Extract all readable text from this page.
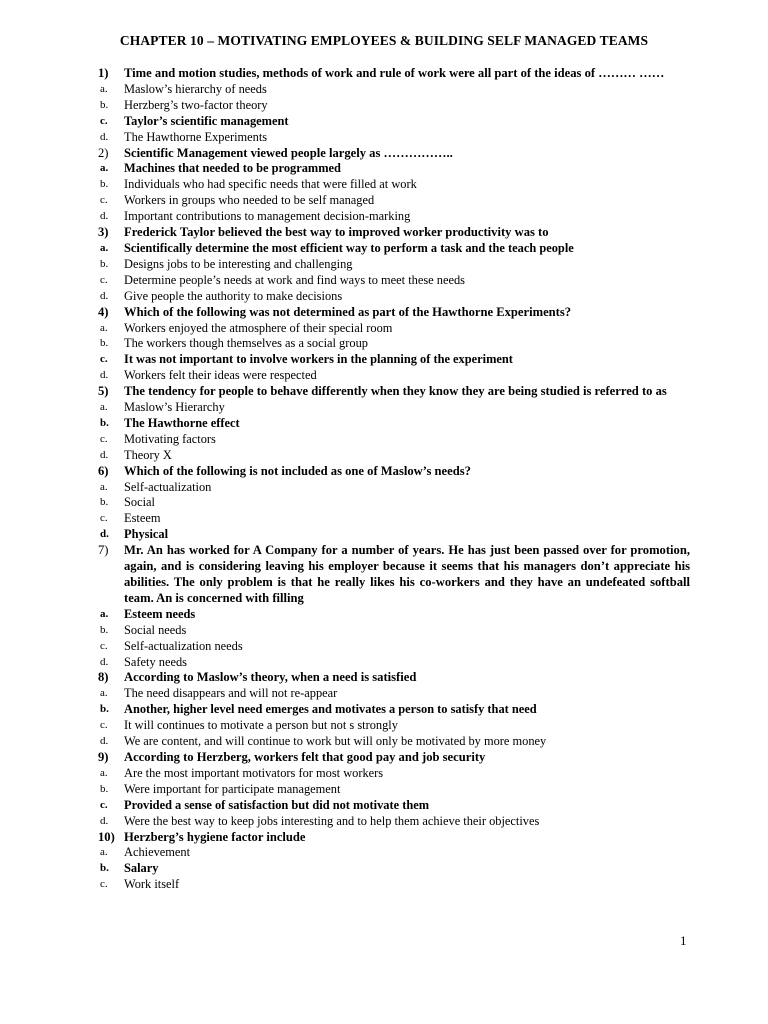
CHAPTER 10 – MOTIVATING EMPLOYEES & BUILDING SELF MANAGED TEAMS
1) Time and motion studies, methods of work and rule of work were all part of the ideas of ……… ……
a. Maslow’s hierarchy of needs
b. Herzberg’s two-factor theory
c. Taylor’s scientific management
d. The Hawthorne Experiments
2) Scientific Management viewed people largely as ……………..
a. Machines that needed to be programmed
b. Individuals who had specific needs that were filled at work
c. Workers in groups who needed to be self managed
d. Important contributions to management decision-marking
3) Frederick Taylor believed the best way to improved worker productivity was to
a. Scientifically determine the most efficient way to perform a task and the teach people
b. Designs jobs to be interesting and challenging
c. Determine people’s needs at work and find ways to meet these needs
d. Give people the authority to make decisions
4) Which of the following was not determined as part of the Hawthorne Experiments?
a. Workers enjoyed the atmosphere of their special room
b. The workers though themselves as a social group
c. It was not important to involve workers in the planning of the experiment
d. Workers felt their ideas were respected
5) The tendency for people to behave differently when they know they are being studied is referred to as
a. Maslow’s Hierarchy
b. The Hawthorne effect
c. Motivating factors
d. Theory X
6) Which of the following is not included as one of Maslow’s needs?
a. Self-actualization
b. Social
c. Esteem
d. Physical
7) Mr. An has worked for A Company for a number of years. He has just been passed over for promotion, again, and is considering leaving his employer because it seems that his managers don’t appreciate his abilities. The only problem is that he really likes his co-workers and they have an undefeated softball team. An is concerned with filling
a. Esteem needs
b. Social needs
c. Self-actualization needs
d. Safety needs
8) According to Maslow’s theory, when a need is satisfied
a. The need disappears and will not re-appear
b. Another, higher level need emerges and motivates a person to satisfy that need
c. It will continues to motivate a person but not s strongly
d. We are content, and will continue to work but will only be motivated by more money
9) According to Herzberg, workers felt that good pay and job security
a. Are the most important motivators for most workers
b. Were important for participate management
c. Provided a sense of satisfaction but did not motivate them
d. Were the best way to keep jobs interesting and to help them achieve their objectives
10) Herzberg’s hygiene factor include
a. Achievement
b. Salary
c. Work itself
1
